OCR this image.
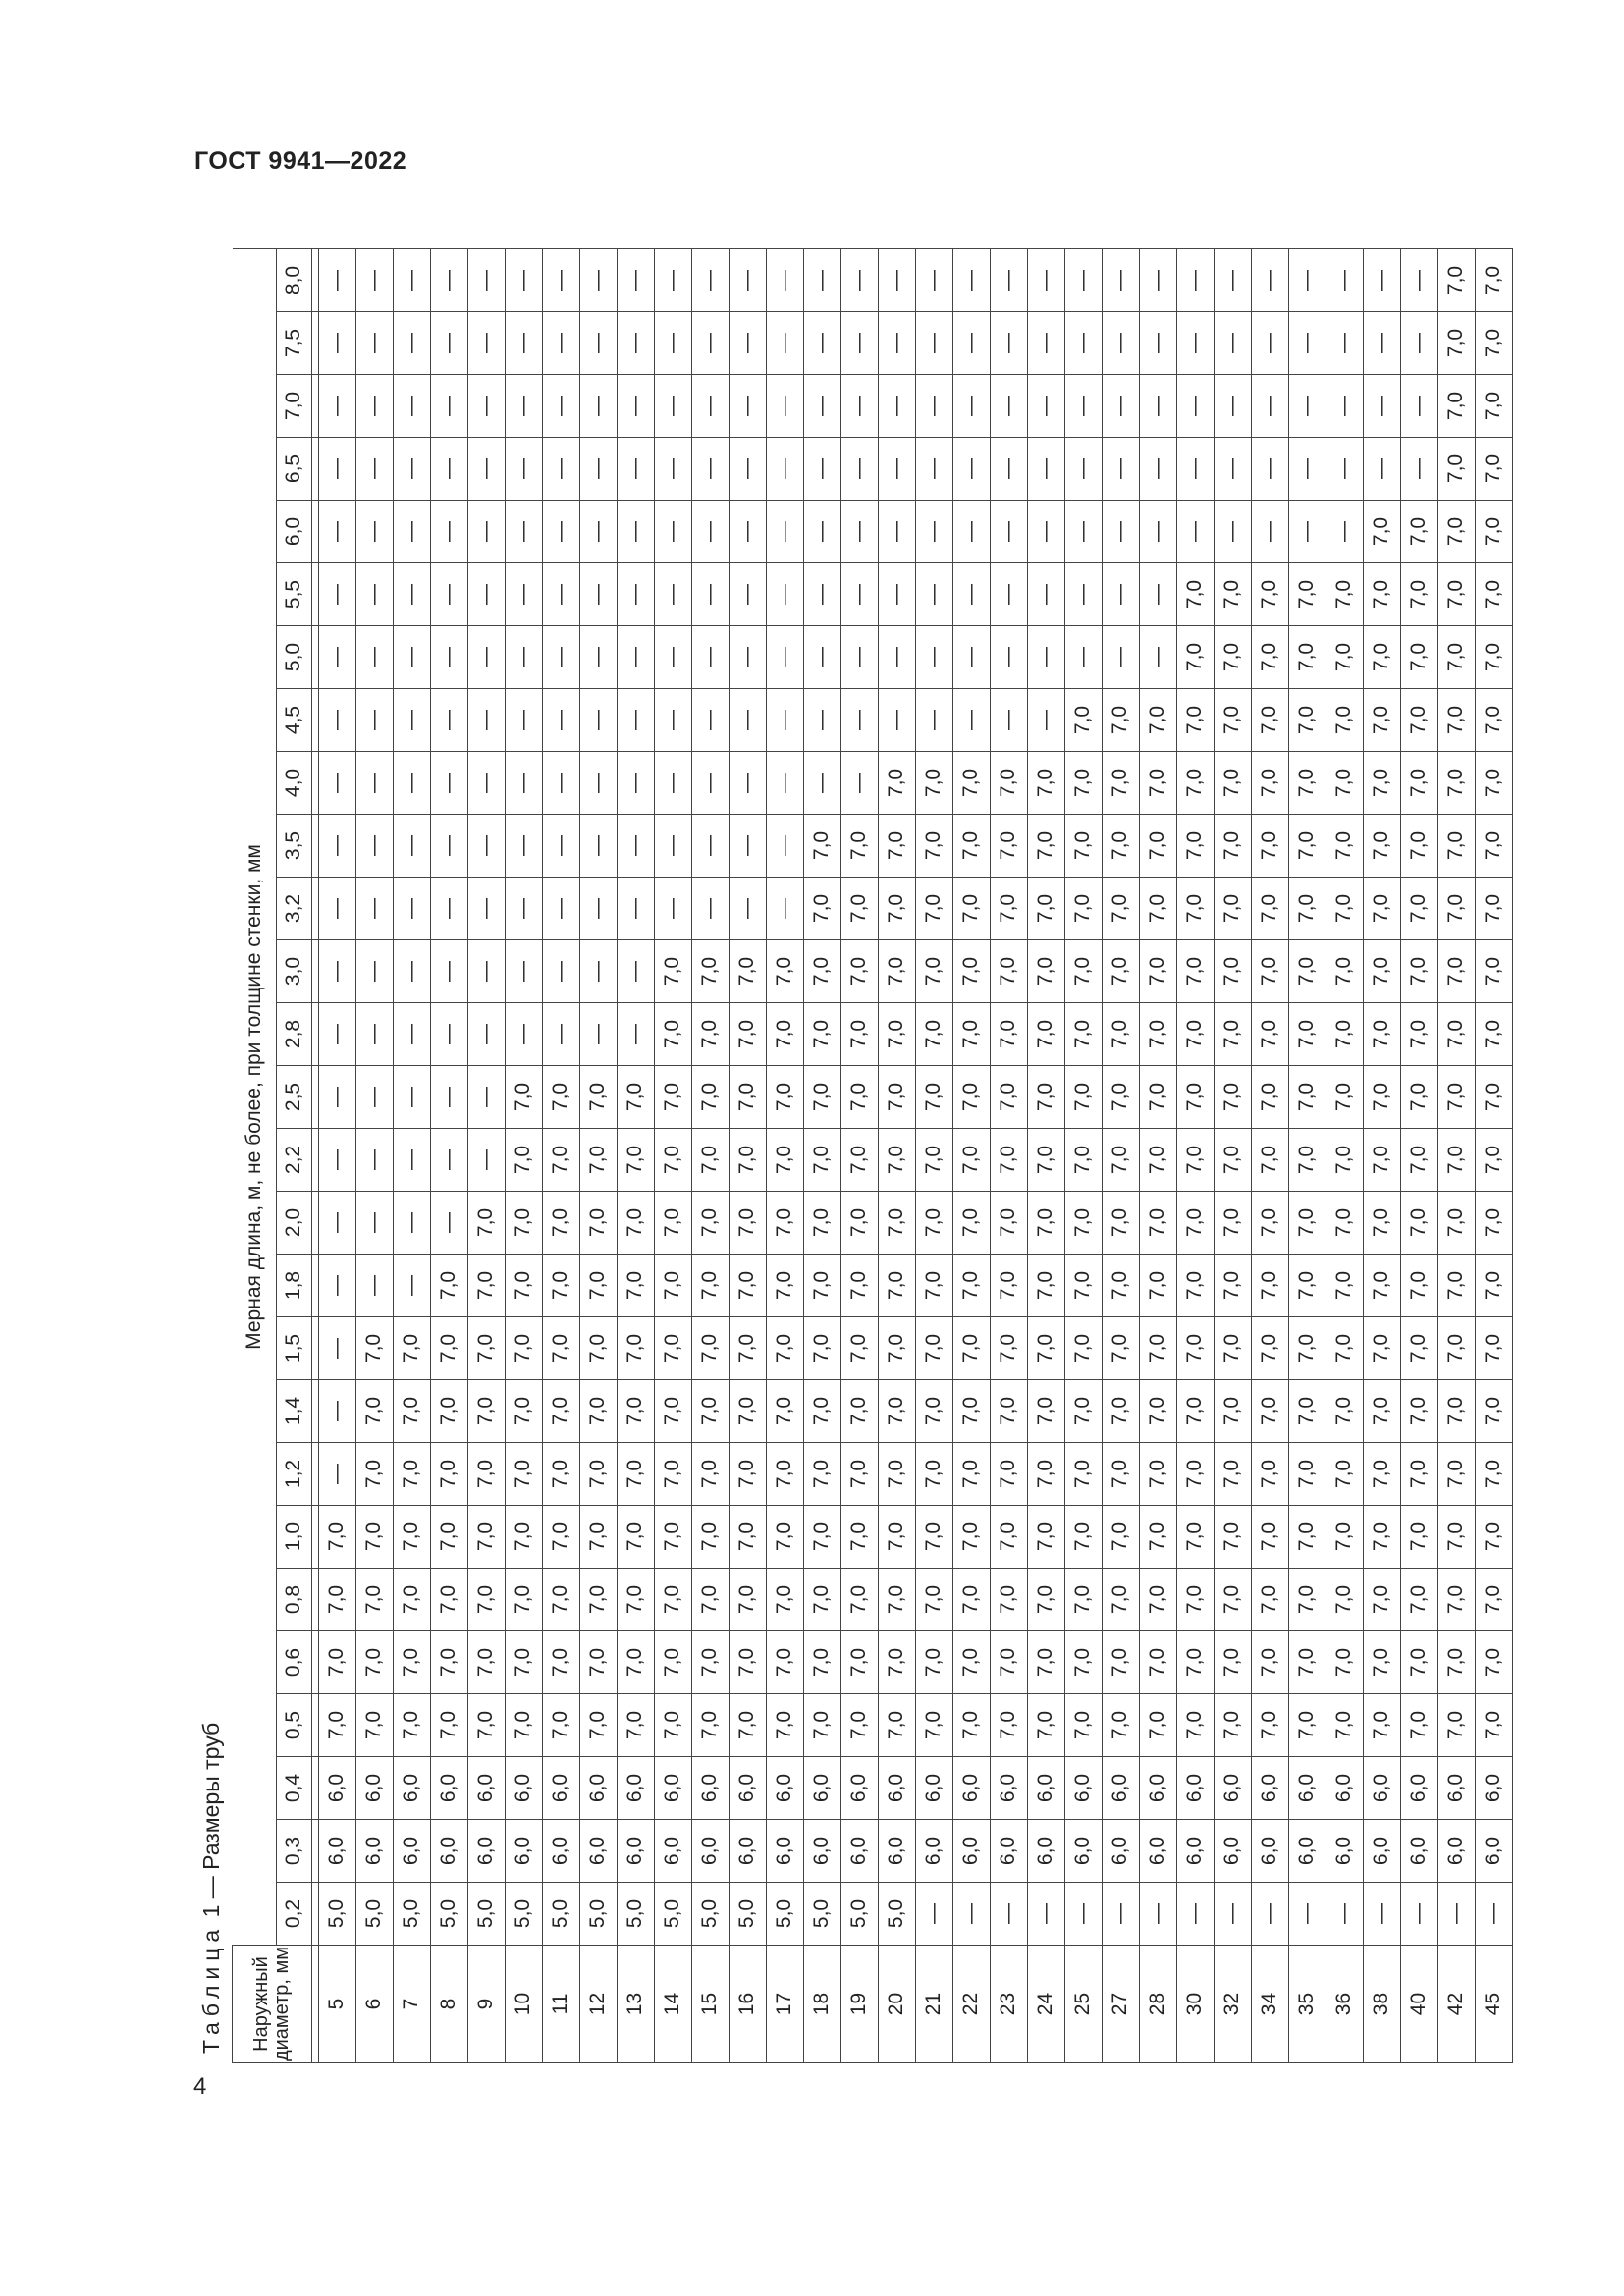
ГОСТ 9941—2022
4
Таблица 1 — Размеры труб
Наружный диаметр, мм	Мерная длина, м, не более, при толщине стенки, мм																										
	0,2	0,3	0,4	0,5	0,6	0,8	1,0	1,2	1,4	1,5	1,8	2,0	2,2	2,5	2,8	3,0	3,2	3,5	4,0	4,5	5,0	5,5	6,0	6,5	7,0	7,5	8,0

5	5,0	6,0	6,0	7,0	7,0	7,0	7,0	—	—	—	—	—	—	—	—	—	—	—	—	—	—	—	—	—	—	—	—
6	5,0	6,0	6,0	7,0	7,0	7,0	7,0	7,0	7,0	7,0	—	—	—	—	—	—	—	—	—	—	—	—	—	—	—	—	—
7	5,0	6,0	6,0	7,0	7,0	7,0	7,0	7,0	7,0	7,0	—	—	—	—	—	—	—	—	—	—	—	—	—	—	—	—	—
8	5,0	6,0	6,0	7,0	7,0	7,0	7,0	7,0	7,0	7,0	7,0	—	—	—	—	—	—	—	—	—	—	—	—	—	—	—	—
9	5,0	6,0	6,0	7,0	7,0	7,0	7,0	7,0	7,0	7,0	7,0	7,0	—	—	—	—	—	—	—	—	—	—	—	—	—	—	—
10	5,0	6,0	6,0	7,0	7,0	7,0	7,0	7,0	7,0	7,0	7,0	7,0	7,0	7,0	—	—	—	—	—	—	—	—	—	—	—	—	—
11	5,0	6,0	6,0	7,0	7,0	7,0	7,0	7,0	7,0	7,0	7,0	7,0	7,0	7,0	—	—	—	—	—	—	—	—	—	—	—	—	—
12	5,0	6,0	6,0	7,0	7,0	7,0	7,0	7,0	7,0	7,0	7,0	7,0	7,0	7,0	—	—	—	—	—	—	—	—	—	—	—	—	—
13	5,0	6,0	6,0	7,0	7,0	7,0	7,0	7,0	7,0	7,0	7,0	7,0	7,0	7,0	—	—	—	—	—	—	—	—	—	—	—	—	—
14	5,0	6,0	6,0	7,0	7,0	7,0	7,0	7,0	7,0	7,0	7,0	7,0	7,0	7,0	7,0	7,0	—	—	—	—	—	—	—	—	—	—	—
15	5,0	6,0	6,0	7,0	7,0	7,0	7,0	7,0	7,0	7,0	7,0	7,0	7,0	7,0	7,0	7,0	—	—	—	—	—	—	—	—	—	—	—
16	5,0	6,0	6,0	7,0	7,0	7,0	7,0	7,0	7,0	7,0	7,0	7,0	7,0	7,0	7,0	7,0	—	—	—	—	—	—	—	—	—	—	—
17	5,0	6,0	6,0	7,0	7,0	7,0	7,0	7,0	7,0	7,0	7,0	7,0	7,0	7,0	7,0	7,0	—	—	—	—	—	—	—	—	—	—	—
18	5,0	6,0	6,0	7,0	7,0	7,0	7,0	7,0	7,0	7,0	7,0	7,0	7,0	7,0	7,0	7,0	7,0	7,0	—	—	—	—	—	—	—	—	—
19	5,0	6,0	6,0	7,0	7,0	7,0	7,0	7,0	7,0	7,0	7,0	7,0	7,0	7,0	7,0	7,0	7,0	7,0	—	—	—	—	—	—	—	—	—
20	5,0	6,0	6,0	7,0	7,0	7,0	7,0	7,0	7,0	7,0	7,0	7,0	7,0	7,0	7,0	7,0	7,0	7,0	7,0	—	—	—	—	—	—	—	—
21	—	6,0	6,0	7,0	7,0	7,0	7,0	7,0	7,0	7,0	7,0	7,0	7,0	7,0	7,0	7,0	7,0	7,0	7,0	—	—	—	—	—	—	—	—
22	—	6,0	6,0	7,0	7,0	7,0	7,0	7,0	7,0	7,0	7,0	7,0	7,0	7,0	7,0	7,0	7,0	7,0	7,0	—	—	—	—	—	—	—	—
23	—	6,0	6,0	7,0	7,0	7,0	7,0	7,0	7,0	7,0	7,0	7,0	7,0	7,0	7,0	7,0	7,0	7,0	7,0	—	—	—	—	—	—	—	—
24	—	6,0	6,0	7,0	7,0	7,0	7,0	7,0	7,0	7,0	7,0	7,0	7,0	7,0	7,0	7,0	7,0	7,0	7,0	—	—	—	—	—	—	—	—
25	—	6,0	6,0	7,0	7,0	7,0	7,0	7,0	7,0	7,0	7,0	7,0	7,0	7,0	7,0	7,0	7,0	7,0	7,0	7,0	—	—	—	—	—	—	—
27	—	6,0	6,0	7,0	7,0	7,0	7,0	7,0	7,0	7,0	7,0	7,0	7,0	7,0	7,0	7,0	7,0	7,0	7,0	7,0	—	—	—	—	—	—	—
28	—	6,0	6,0	7,0	7,0	7,0	7,0	7,0	7,0	7,0	7,0	7,0	7,0	7,0	7,0	7,0	7,0	7,0	7,0	7,0	—	—	—	—	—	—	—
30	—	6,0	6,0	7,0	7,0	7,0	7,0	7,0	7,0	7,0	7,0	7,0	7,0	7,0	7,0	7,0	7,0	7,0	7,0	7,0	7,0	7,0	—	—	—	—	—
32	—	6,0	6,0	7,0	7,0	7,0	7,0	7,0	7,0	7,0	7,0	7,0	7,0	7,0	7,0	7,0	7,0	7,0	7,0	7,0	7,0	7,0	—	—	—	—	—
34	—	6,0	6,0	7,0	7,0	7,0	7,0	7,0	7,0	7,0	7,0	7,0	7,0	7,0	7,0	7,0	7,0	7,0	7,0	7,0	7,0	7,0	—	—	—	—	—
35	—	6,0	6,0	7,0	7,0	7,0	7,0	7,0	7,0	7,0	7,0	7,0	7,0	7,0	7,0	7,0	7,0	7,0	7,0	7,0	7,0	7,0	—	—	—	—	—
36	—	6,0	6,0	7,0	7,0	7,0	7,0	7,0	7,0	7,0	7,0	7,0	7,0	7,0	7,0	7,0	7,0	7,0	7,0	7,0	7,0	7,0	—	—	—	—	—
38	—	6,0	6,0	7,0	7,0	7,0	7,0	7,0	7,0	7,0	7,0	7,0	7,0	7,0	7,0	7,0	7,0	7,0	7,0	7,0	7,0	7,0	7,0	—	—	—	—
40	—	6,0	6,0	7,0	7,0	7,0	7,0	7,0	7,0	7,0	7,0	7,0	7,0	7,0	7,0	7,0	7,0	7,0	7,0	7,0	7,0	7,0	7,0	—	—	—	—
42	—	6,0	6,0	7,0	7,0	7,0	7,0	7,0	7,0	7,0	7,0	7,0	7,0	7,0	7,0	7,0	7,0	7,0	7,0	7,0	7,0	7,0	7,0	7,0	7,0	7,0	7,0
45	—	6,0	6,0	7,0	7,0	7,0	7,0	7,0	7,0	7,0	7,0	7,0	7,0	7,0	7,0	7,0	7,0	7,0	7,0	7,0	7,0	7,0	7,0	7,0	7,0	7,0	7,0
